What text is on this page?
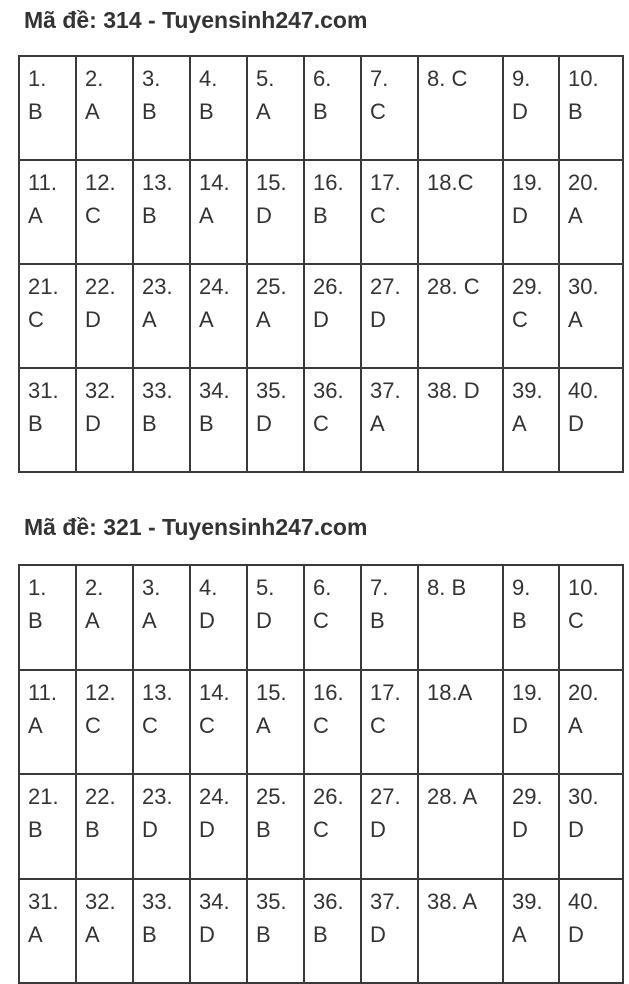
Mã đề: 314 - Tuyensinh247.com
1.
B	2.
A	3.
B	4.
B	5.
A	6.
B	7.
C	8. C	9.
D	10.
B

11.
A	12.
C	13.
B	14.
A	15.
D	16.
B	17.
C	18.C	19.
D	20.
A

21.
C	22.
D	23.
A	24.
A	25.
A	26.
D	27.
D	28. C	29.
C	30.
A

31.
B	32.
D	33.
B	34.
B	35.
D	36.
C	37.
A	38. D	39.
A	40.
D
Mã đề: 321 - Tuyensinh247.com
1.
B	2.
A	3.
A	4.
D	5.
D	6.
C	7.
B	8. B	9.
B	10.
C

11.
A	12.
C	13.
C	14.
C	15.
A	16.
C	17.
C	18.A	19.
D	20.
A

21.
B	22.
B	23.
D	24.
D	25.
B	26.
C	27.
D	28. A	29.
D	30.
D

31.
A	32.
A	33.
B	34.
D	35.
B	36.
B	37.
D	38. A	39.
A	40.
D
